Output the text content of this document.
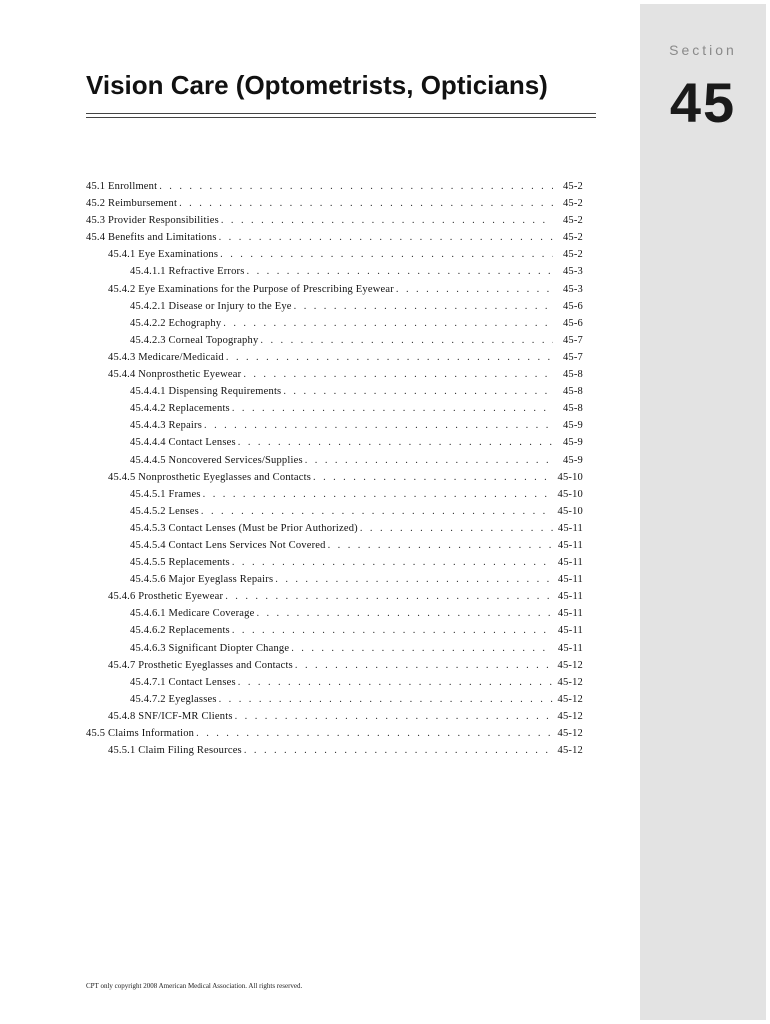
Section
45
Vision Care (Optometrists, Opticians)
45.1 Enrollment . . .	45-2
45.2 Reimbursement . . .	45-2
45.3 Provider Responsibilities . . .	45-2
45.4 Benefits and Limitations . . .	45-2
45.4.1 Eye Examinations . . .	45-2
45.4.1.1 Refractive Errors . . .	45-3
45.4.2 Eye Examinations for the Purpose of Prescribing Eyewear . . .	45-3
45.4.2.1 Disease or Injury to the Eye . . .	45-6
45.4.2.2 Echography . . .	45-6
45.4.2.3 Corneal Topography . . .	45-7
45.4.3 Medicare/Medicaid . . .	45-7
45.4.4 Nonprosthetic Eyewear . . .	45-8
45.4.4.1 Dispensing Requirements . . .	45-8
45.4.4.2 Replacements . . .	45-8
45.4.4.3 Repairs . . .	45-9
45.4.4.4 Contact Lenses . . .	45-9
45.4.4.5 Noncovered Services/Supplies . . .	45-9
45.4.5 Nonprosthetic Eyeglasses and Contacts . . .	45-10
45.4.5.1 Frames . . .	45-10
45.4.5.2 Lenses . . .	45-10
45.4.5.3 Contact Lenses (Must be Prior Authorized) . . .	45-11
45.4.5.4 Contact Lens Services Not Covered . . .	45-11
45.4.5.5 Replacements . . .	45-11
45.4.5.6 Major Eyeglass Repairs . . .	45-11
45.4.6 Prosthetic Eyewear . . .	45-11
45.4.6.1 Medicare Coverage . . .	45-11
45.4.6.2 Replacements . . .	45-11
45.4.6.3 Significant Diopter Change . . .	45-11
45.4.7 Prosthetic Eyeglasses and Contacts . . .	45-12
45.4.7.1 Contact Lenses . . .	45-12
45.4.7.2 Eyeglasses . . .	45-12
45.4.8 SNF/ICF-MR Clients . . .	45-12
45.5 Claims Information . . .	45-12
45.5.1 Claim Filing Resources . . .	45-12
CPT only copyright 2008 American Medical Association. All rights reserved.
